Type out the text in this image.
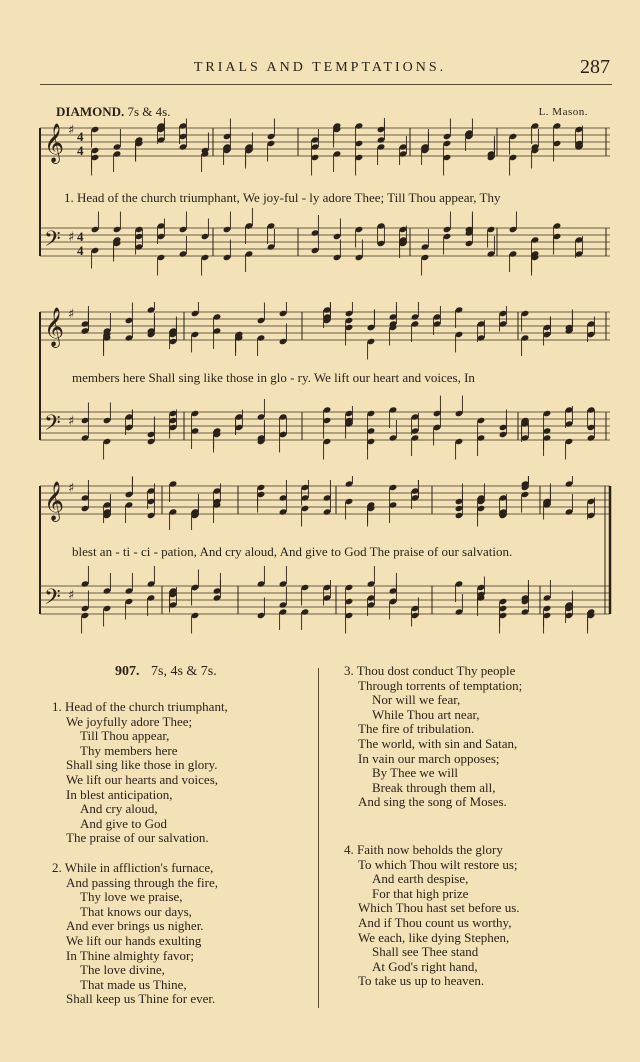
TRIALS AND TEMPTATIONS.	287
DIAMOND. 7s & 4s.	L. Mason.
𝄞 ♯ 4
4
𝄢 ♯ 4
4
1. Head of the church triumphant, We joy-ful - ly adore Thee; Till Thou appear, Thy
𝄞 ♯
𝄢 ♯
members here Shall sing like those in glo - ry. We lift our heart and voices, In
𝄞 ♯
𝄢 ♯
blest an - ti - ci - pation, And cry aloud, And give to God The praise of our salvation.
907. 7s, 4s & 7s.
1. Head of the church triumphant,
We joyfully adore Thee;
Till Thou appear,
Thy members here
Shall sing like those in glory.
We lift our hearts and voices,
In blest anticipation,
And cry aloud,
And give to God
The praise of our salvation.
2. While in affliction's furnace,
And passing through the fire,
Thy love we praise,
That knows our days,
And ever brings us nigher.
We lift our hands exulting
In Thine almighty favor;
The love divine,
That made us Thine,
Shall keep us Thine for ever.
3. Thou dost conduct Thy people
Through torrents of temptation;
Nor will we fear,
While Thou art near,
The fire of tribulation.
The world, with sin and Satan,
In vain our march opposes;
By Thee we will
Break through them all,
And sing the song of Moses.
4. Faith now beholds the glory
To which Thou wilt restore us;
And earth despise,
For that high prize
Which Thou hast set before us.
And if Thou count us worthy,
We each, like dying Stephen,
Shall see Thee stand
At God's right hand,
To take us up to heaven.
